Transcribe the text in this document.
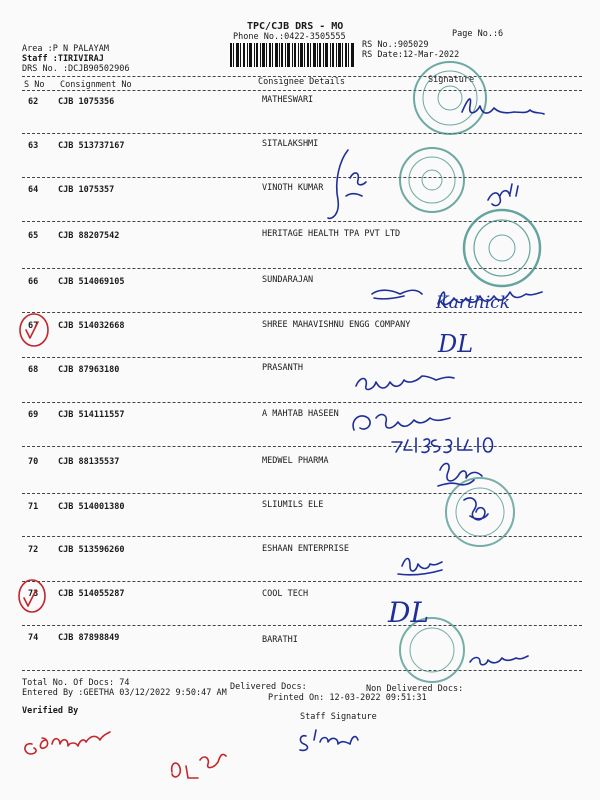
TPC/CJB DRS - MO
Phone No.:0422-3505555	Page No.:6
Area :P N PALAYAM
Staff :TIRIVIRAJ
DRS No. :DCJB90502906
RS No.:905029
RS Date:12-Mar-2022
S No Consignment No	Consignee Details	Signature
62 CJB 1075356	MATHESWARI
63 CJB 513737167	SITALAKSHMI
64 CJB 1075357	VINOTH KUMAR
65 CJB 88207542	HERITAGE HEALTH TPA PVT LTD
66 CJB 514069105	SUNDARAJAN
67 CJB 514032668	SHREE MAHAVISHNU ENGG COMPANY
68 CJB 87963180	PRASANTH
69 CJB 514111557	A MAHTAB HASEEN
70 CJB 88135537	MEDWEL PHARMA
71 CJB 514001380	SLIUMILS ELE
72 CJB 513596260	ESHAAN ENTERPRISE
73 CJB 514055287	COOL TECH
74 CJB 87898849	BARATHI
Total No. Of Docs: 74	Delivered Docs:	Non Delivered Docs:
Entered By :GEETHA 03/12/2022 9:50:47 AM	Printed On: 12-03-2022 09:51:31
Verified By
Staff Signature
Karthick
DL
DL
